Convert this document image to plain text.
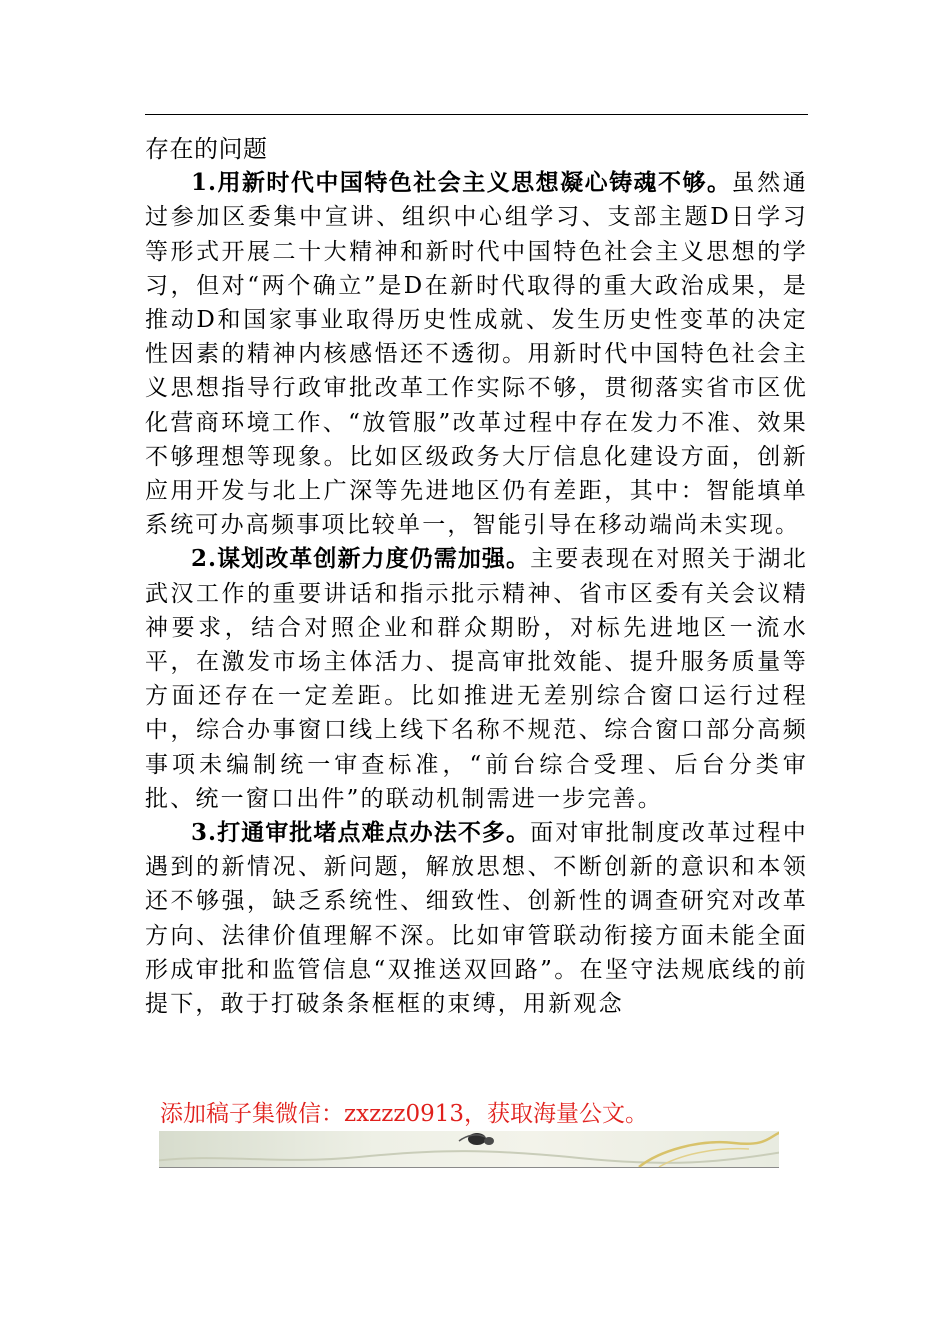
存在的问题

1.用新时代中国特色社会主义思想凝心铸魂不够。虽然通过参加区委集中宣讲、组织中心组学习、支部主题D日学习等形式开展二十大精神和新时代中国特色社会主义思想的学习，但对“两个确立”是D在新时代取得的重大政治成果，是推动D和国家事业取得历史性成就、发生历史性变革的决定性因素的精神内核感悟还不透彻。用新时代中国特色社会主义思想指导行政审批改革工作实际不够，贯彻落实省市区优化营商环境工作、“放管服”改革过程中存在发力不准、效果不够理想等现象。比如区级政务大厅信息化建设方面，创新应用开发与北上广深等先进地区仍有差距，其中：智能填单系统可办高频事项比较单一，智能引导在移动端尚未实现。

2.谋划改革创新力度仍需加强。主要表现在对照关于湖北武汉工作的重要讲话和指示批示精神、省市区委有关会议精神要求，结合对照企业和群众期盼，对标先进地区一流水平，在激发市场主体活力、提高审批效能、提升服务质量等方面还存在一定差距。比如推进无差别综合窗口运行过程中，综合办事窗口线上线下名称不规范、综合窗口部分高频事项未编制统一审查标准，“前台综合受理、后台分类审批、统一窗口出件”的联动机制需进一步完善。

3.打通审批堵点难点办法不多。面对审批制度改革过程中遇到的新情况、新问题，解放思想、不断创新的意识和本领还不够强，缺乏系统性、细致性、创新性的调查研究对改革方向、法律价值理解不深。比如审管联动衔接方面未能全面形成审批和监管信息“双推送双回路”。在坚守法规底线的前提下，敢于打破条条框框的束缚，用新观念

添加稿子集微信：zxzzz0913，获取海量公文。
